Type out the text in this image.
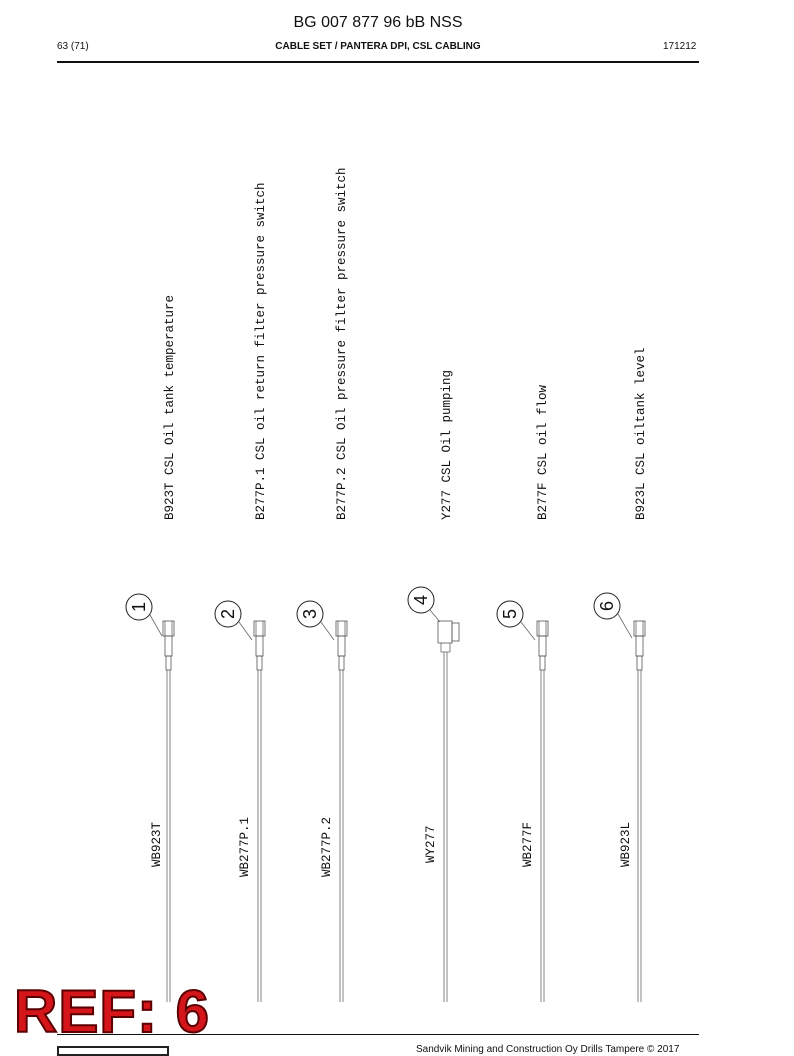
BG 007 877 96 bB NSS
63 (71)	CABLE SET / PANTERA DPI, CSL CABLING	171212
B923T CSL Oil tank temperature	B277P.1 CSL oil return filter pressure switch	B277P.2 CSL Oil pressure filter pressure switch	Y277 CSL Oil pumping	B277F CSL oil flow	B923L CSL oiltank level
1
2	3
4
5
6
WB923T	WB277P.1	WB277P.2	WY277	WB277F	WB923L
Sandvik Mining and Construction Oy Drills Tampere © 2017
REF: 6
